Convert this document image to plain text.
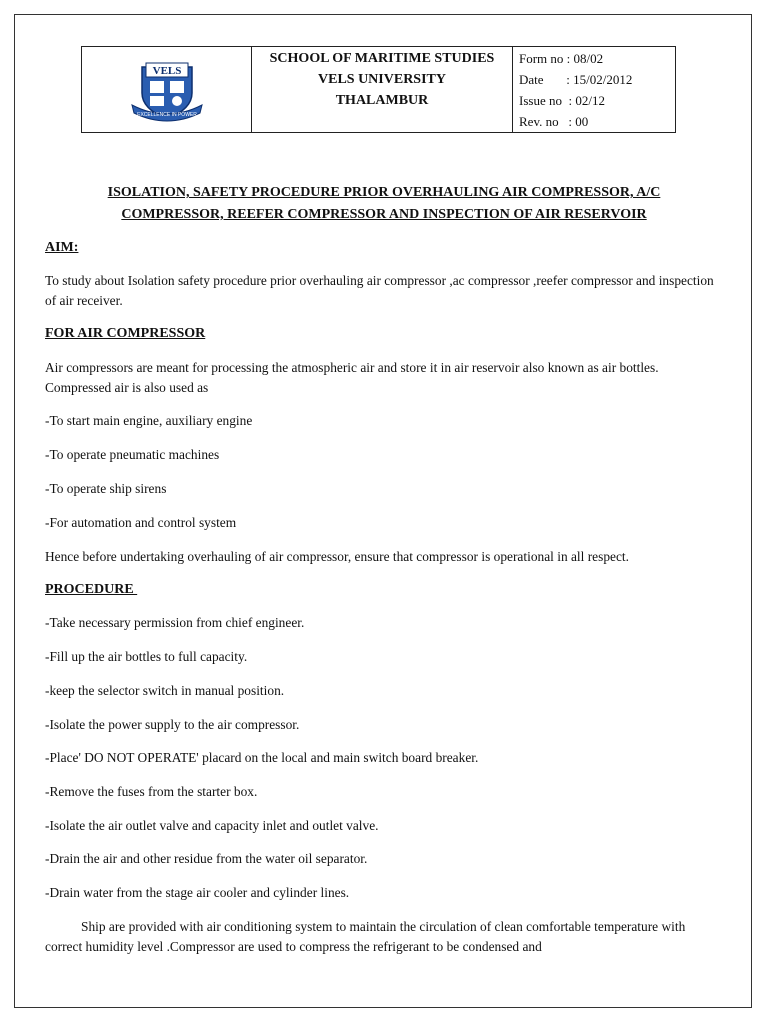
VELS
EXCELLENCE IN POWER
SCHOOL OF MARITIME STUDIES
VELS UNIVERSITY
THALAMBUR
Form no : 08/02
Date       : 15/02/2012
Issue no  : 02/12
Rev. no   : 00
ISOLATION, SAFETY PROCEDURE PRIOR OVERHAULING AIR COMPRESSOR, A/C
COMPRESSOR, REEFER COMPRESSOR AND INSPECTION OF AIR RESERVOIR
AIM:
To study about Isolation safety procedure prior overhauling air compressor ,ac compressor ,reefer compressor and inspection of air receiver.
FOR AIR COMPRESSOR
Air compressors are meant for processing the atmospheric air and store it in air reservoir also known as air bottles. Compressed air is also used as
-To start main engine, auxiliary engine
-To operate pneumatic machines
-To operate ship sirens
-For automation and control system
Hence before undertaking overhauling of air compressor, ensure that compressor is operational in all respect.
PROCEDURE
-Take necessary permission from chief engineer.
-Fill up the air bottles to full capacity.
-keep the selector switch in manual position.
-Isolate the power supply to the air compressor.
-Place' DO NOT OPERATE' placard on the local and main switch board breaker.
-Remove the fuses from the starter box.
-Isolate the air outlet valve and capacity inlet and outlet valve.
-Drain the air and other residue from the water oil separator.
-Drain water from the stage air cooler and cylinder lines.
Ship are provided with air conditioning system to maintain the circulation of clean comfortable temperature with correct humidity level .Compressor are used to compress the refrigerant to be condensed and
